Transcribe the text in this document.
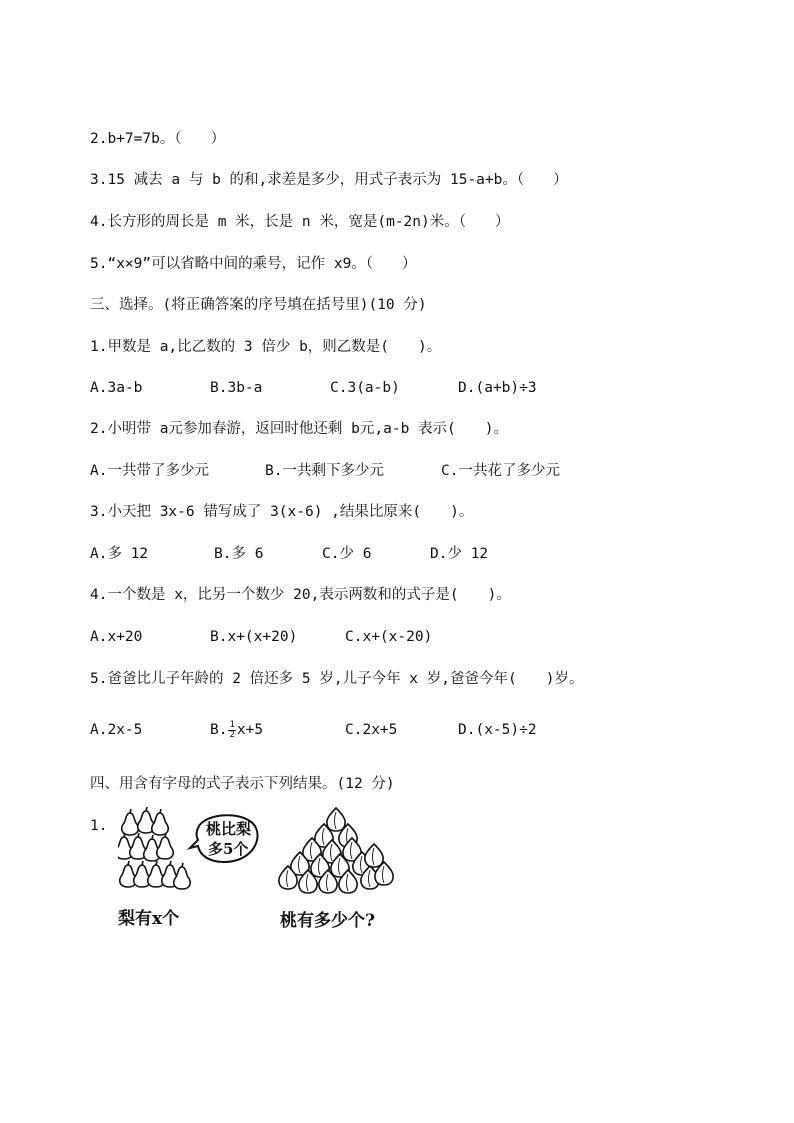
2.b+7=7b。（　　）
3.15 减去 a 与 b 的和,求差是多少，用式子表示为 15-a+b。（　　）
4.长方形的周长是 m 米，长是 n 米，宽是(m-2n)米。（　　）
5.“x×9”可以省略中间的乘号，记作 x9。（　　）
三、选择。(将正确答案的序号填在括号里)(10 分)
1.甲数是 a,比乙数的 3 倍少 b，则乙数是(　　)。
A.3a-b	B.3b-a	C.3(a-b)	D.(a+b)÷3
2.小明带 a元参加春游，返回时他还剩 b元,a-b 表示(　　)。
A.一共带了多少元	B.一共剩下多少元	C.一共花了多少元
3.小天把 3x-6 错写成了 3(x-6) ,结果比原来(　　)。
A.多 12	B.多 6	C.少 6	D.少 12
4.一个数是 x，比另一个数少 20,表示两数和的式子是(　　)。
A.x+20	B.x+(x+20)	C.x+(x-20)
5.爸爸比儿子年龄的 2 倍还多 5 岁,儿子今年 x 岁,爸爸今年(　　)岁。
A.2x-5	B. $\frac{1}{2} x+5$	C.2x+5	D.(x-5)÷2
四、用含有字母的式子表示下列结果。(12 分)
1.	桃比梨
多5个
梨有x个	桃有多少个?
